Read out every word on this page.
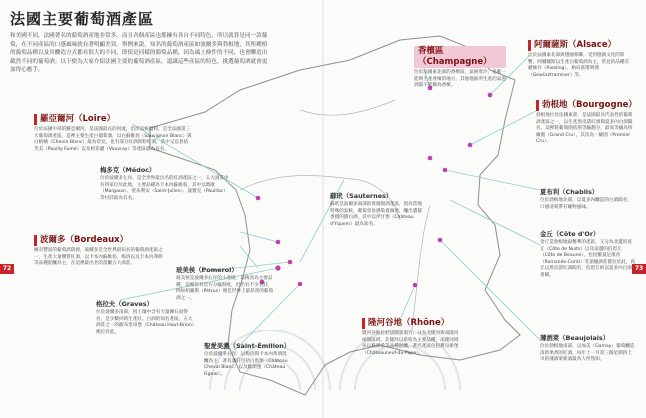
法國主要葡萄酒產區
和美國不同，法國著名的葡萄酒產地非常多，而且各個產區也都擁有各自不同特色，所以就算是同一款葡萄，在不同產區的口感風味就有著明顯差異。舉例來說，知名的葡萄酒產區如波爾多與勃根地，其所種植的葡萄品種以及其釀造方式都有很大的不同，即使是同樣的葡萄品種，因為風土條件的不同，也會釀造出截然不同的葡萄酒。以下便為大家介紹法國主要的葡萄酒產區，認識這些產區的特色，挑選葡萄酒就會更加得心應手。
72	73
羅亞爾河（Loire）
位於法國中部的羅亞爾河，是法國最長的河流，沿岸氣候溫和，是全法國第三大葡萄酒產區。這裡主要生產白葡萄酒，以白蘇維翁（Sauvignon Blanc）與白梢楠（Chenin Blanc）最為常見，也有部分紅酒與粉紅酒，其中又以普依芙美（Pouilly Fumé）以及梧菲麗（Vouvray）等產區最為有名。
波爾多（Bordeaux）
擁有豐富的葡萄酒資源，波爾多是全世界最知名的葡萄酒產區之一，生產大量優質紅酒，以卡本內蘇維翁、梅洛以及卡本內弗朗等品種混釀為主，在這裡最出名的當屬五大酒莊。
香檳區（Champagne）
位於法國東北部的香檳區，氣候寒冷，是唯一能夠生產香檳的地方，其他地區所生產的氣泡酒都不能稱為香檳。
阿爾薩斯（Alsace）
位於法國東北部與德國相鄰，受到德國文化的影響，阿爾薩斯以生產白葡萄酒為主，常見的品種有麗絲玲（Riesling）、格烏茲塔明那（Gewürztraminer）等。
勃根地（Bourgogne）
勃根地位於法國東部，是法國最具代表性的葡萄酒產區之一，以生產黑皮諾紅酒與夏多內白酒聞名。這裡將葡萄園依照等級劃分，最高等級為特級園（Grand Cru），其次為一級園（Premier Cru）。
隆河谷地（Rhône）
隆河谷地位於法國東南方，分為北隆河與南隆河兩個區域，北隆河以希哈為主要品種，南隆河則多以格那希等品種混釀，著名產區包括教皇新堡（Châteauneuf-du-Pape）。
梅多克（Médoc）
位於波爾多左岸，是全世界最出名的紅酒產區之一，五大酒莊中有四家位於此地，主要品種為卡本內蘇維翁，其中以瑪歌（Margaux）、聖朱利安（Saint-Julien）、波雅克（Pauillac）等村莊最為有名。
格拉夫（Graves）
位於波爾多南部，因土壤中含有大量礫石而得名，是少數同時生產紅、白酒的知名產區，五大酒莊之一的歐布里昂堡（Château Haut-Brion）便位於此。
玻美侯（Pomerol）
玻美侯是波爾多右岸的小產區，以梅洛為主要品種，這裡沒有官方分級制度，但仍有不少名莊，例如柏圖斯（Pétrus）便是世界上最昂貴的葡萄酒之一。
聖愛美濃（Saint-Émilion）
位於波爾多右岸，以梅洛與卡本內弗朗混釀為主，著名酒莊包括白馬堡（Château Cheval Blanc）以及歐頌堡（Château Figeac）。
蘇玳（Sauternes）
蘇玳是波爾多南部的貴腐甜酒產區，因為當地特殊的氣候，葡萄容易感染貴腐菌，釀出濃郁香甜的甜白酒，其中以伊甘堡（Château d'Yquem）最為知名。
夏布利（Chablis）
位於勃根地北部，以夏多內釀造的白酒聞名，口感清爽帶有礦物風味。
金丘（Côte d'Or）
金丘是勃根地最精華的產區，又分為北邊的夜丘（Côte de Nuits）以及南邊的伯恩丘（Côte de Beaune），包括羅曼尼康帝（Romanée-Conti）等頂級酒莊都位於此，夜丘以黑皮諾紅酒聞名，伯恩丘則以夏多內白酒著稱。
薄酒萊（Beaujolais）
位於勃根地南部，以加美（Gamay）葡萄釀造清新果香的紅酒，每年十一月第三個星期四上市的薄酒萊新酒最為人所熟知。
